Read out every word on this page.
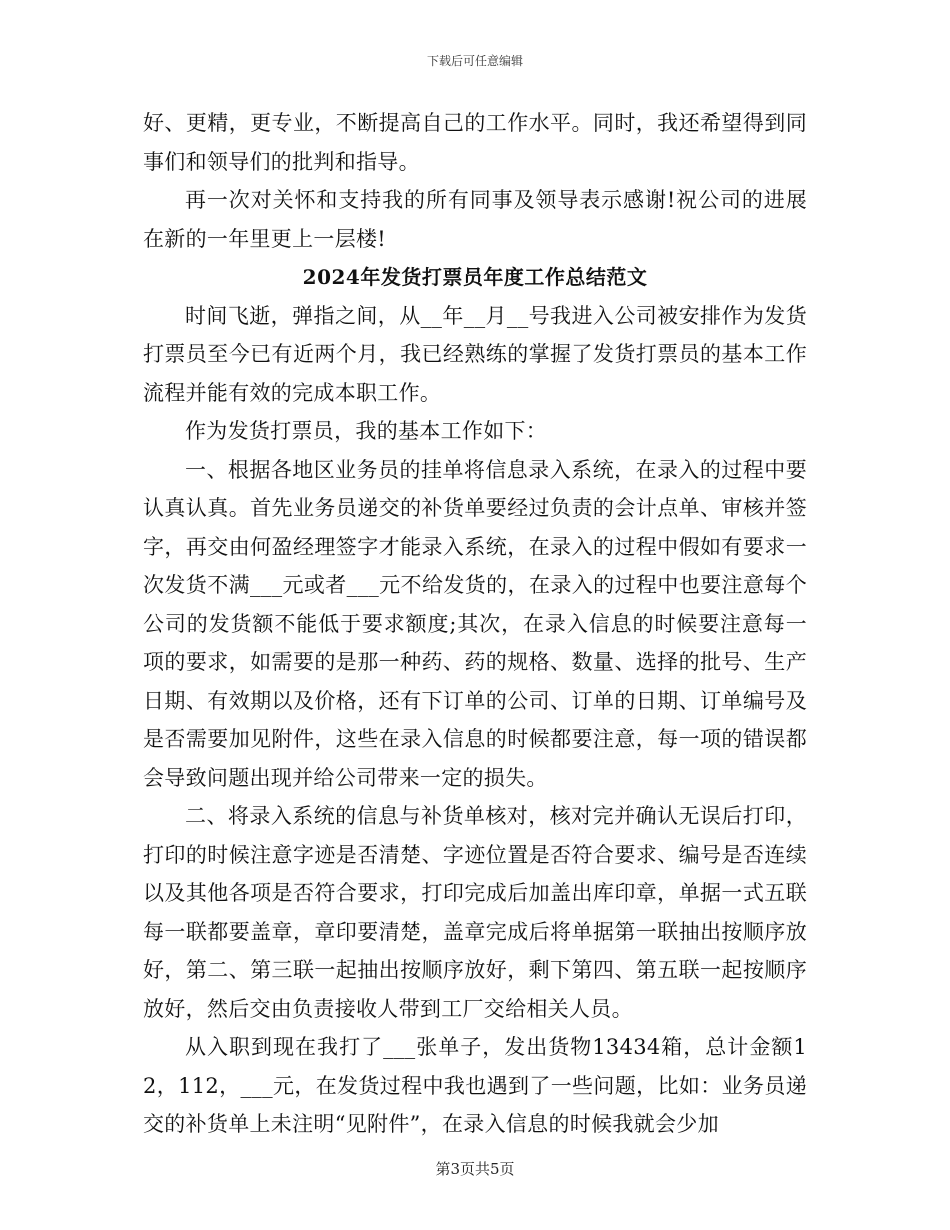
下载后可任意编辑

好、更精，更专业，不断提高自己的工作水平。同时，我还希望得到同事们和领导们的批判和指导。

再一次对关怀和支持我的所有同事及领导表示感谢!祝公司的进展在新的一年里更上一层楼!

2024年发货打票员年度工作总结范文

时间飞逝，弹指之间，从__年__月__号我进入公司被安排作为发货打票员至今已有近两个月，我已经熟练的掌握了发货打票员的基本工作流程并能有效的完成本职工作。

作为发货打票员，我的基本工作如下：

一、根据各地区业务员的挂单将信息录入系统，在录入的过程中要认真认真。首先业务员递交的补货单要经过负责的会计点单、审核并签字，再交由何盈经理签字才能录入系统，在录入的过程中假如有要求一次发货不满___元或者___元不给发货的，在录入的过程中也要注意每个公司的发货额不能低于要求额度;其次，在录入信息的时候要注意每一项的要求，如需要的是那一种药、药的规格、数量、选择的批号、生产日期、有效期以及价格，还有下订单的公司、订单的日期、订单编号及是否需要加见附件，这些在录入信息的时候都要注意，每一项的错误都会导致问题出现并给公司带来一定的损失。

二、将录入系统的信息与补货单核对，核对完并确认无误后打印，打印的时候注意字迹是否清楚、字迹位置是否符合要求、编号是否连续以及其他各项是否符合要求，打印完成后加盖出库印章，单据一式五联每一联都要盖章，章印要清楚，盖章完成后将单据第一联抽出按顺序放好，第二、第三联一起抽出按顺序放好，剩下第四、第五联一起按顺序放好，然后交由负责接收人带到工厂交给相关人员。

从入职到现在我打了___张单子，发出货物13434箱，总计金额12，112，___元，在发货过程中我也遇到了一些问题，比如：业务员递交的补货单上未注明“见附件”，在录入信息的时候我就会少加

第3页共5页
